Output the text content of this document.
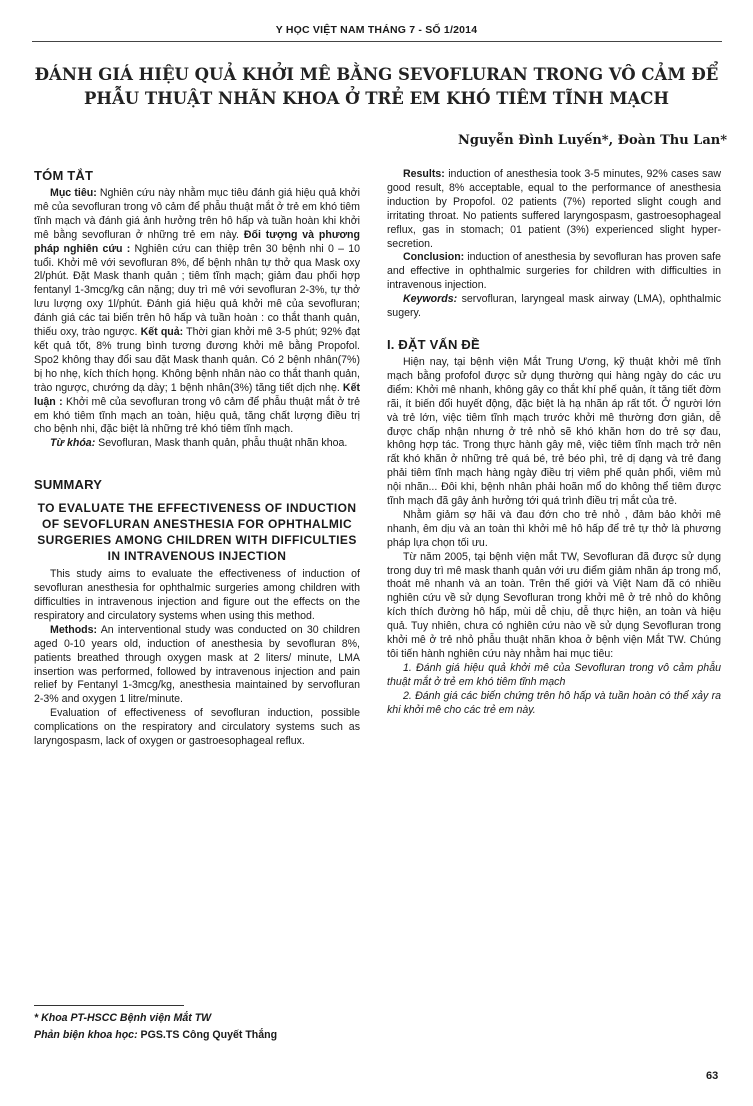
Y HỌC VIỆT NAM THÁNG 7 - SỐ 1/2014
ĐÁNH GIÁ HIỆU QUẢ KHỞI MÊ BẰNG SEVOFLURAN TRONG VÔ CẢM ĐỂ
PHẪU THUẬT NHÃN KHOA Ở TRẺ EM KHÓ TIÊM TĨNH MẠCH
Nguyễn Đình Luyến*, Đoàn Thu Lan*
TÓM TẮT

Mục tiêu: Nghiên cứu này nhằm mục tiêu đánh giá hiệu quả khởi mê của sevofluran trong vô cảm để phẫu thuật mắt ở trẻ em khó tiêm tĩnh mạch và đánh giá ảnh hưởng trên hô hấp và tuần hoàn khi khởi mê bằng sevofluran ở những trẻ em này. Đối tượng và phương pháp nghiên cứu : Nghiên cứu can thiệp trên 30 bệnh nhi 0 – 10 tuổi. Khởi mê với sevofluran 8%, để bệnh nhân tự thở qua Mask oxy 2l/phút. Đặt Mask thanh quản ; tiêm tĩnh mạch; giảm đau phối hợp fentanyl 1-3mcg/kg cân nặng; duy trì mê với sevofluran 2-3%, tự thở lưu lượng oxy 1l/phút. Đánh giá hiệu quả khởi mê của sevofluran; đánh giá các tai biến trên hô hấp và tuần hoàn : co thắt thanh quản, thiếu oxy, trào ngược. Kết quả: Thời gian khởi mê 3-5 phút; 92% đạt kết quả tốt, 8% trung bình tương đương khởi mê bằng Propofol. Spo2 không thay đổi sau đặt Mask thanh quản. Có 2 bệnh nhân(7%) bị ho nhẹ, kích thích họng. Không bệnh nhân nào co thắt thanh quản, trào ngược, chướng dạ dày; 1 bệnh nhân(3%) tăng tiết dịch nhẹ. Kết luận : Khởi mê của sevofluran trong vô cảm để phẫu thuật mắt ở trẻ em khó tiêm tĩnh mạch an toàn, hiệu quả, tăng chất lượng điều trị cho bệnh nhi, đặc biệt là những trẻ khó tiêm tĩnh mạch.

Từ khóa: Sevofluran, Mask thanh quản, phẫu thuật nhãn khoa.

SUMMARY
TO EVALUATE THE EFFECTIVENESS OF INDUCTION OF SEVOFLURAN ANESTHESIA FOR OPHTHALMIC SURGERIES AMONG CHILDREN WITH DIFFICULTIES IN INTRAVENOUS INJECTION

This study aims to evaluate the effectiveness of induction of sevofluran anesthesia for ophthalmic surgeries among children with difficulties in intravenous injection and figure out the effects on the respiratory and circulatory systems when using this method.

Methods: An interventional study was conducted on 30 children aged 0-10 years old, induction of anesthesia by sevofluran 8%, patients breathed through oxygen mask at 2 liters/ minute, LMA insertion was performed, followed by intravenous injection and pain relief by Fentanyl 1-3mcg/kg, anesthesia maintained by servofluran 2-3% and oxygen 1 litre/minute.

Evaluation of effectiveness of sevofluran induction, possible complications on the respiratory and circulatory systems such as laryngospasm, lack of oxygen or gastroesophageal reflux.

Results: induction of anesthesia took 3-5 minutes, 92% cases saw good result, 8% acceptable, equal to the performance of anesthesia induction by Propofol. 02 patients (7%) reported slight cough and irritating throat. No patients suffered laryngospasm, gastroesophageal reflux, gas in stomach; 01 patient (3%) experienced slight hyper-secretion.

Conclusion: induction of anesthesia by sevofluran has proven safe and effective in ophthalmic surgeries for children with difficulties in intravenous injection.

Keywords: servofluran, laryngeal mask airway (LMA), ophthalmic sugery.

I. ĐẶT VẤN ĐỀ

Hiện nay, tại bệnh viện Mắt Trung Ương, kỹ thuật khởi mê tĩnh mạch bằng profofol được sử dụng thường qui hàng ngày do các ưu điểm: Khởi mê nhanh, không gây co thắt khí phế quản, ít tăng tiết đờm rãi, ít biến đổi huyết động, đặc biệt là hạ nhãn áp rất tốt. Ở người lớn và trẻ lớn, việc tiêm tĩnh mạch trước khởi mê thường đơn giản, dễ được chấp nhận nhưng ở trẻ nhỏ sẽ khó khăn hơn do trẻ sợ đau, không hợp tác. Trong thực hành gây mê, việc tiêm tĩnh mạch trở nên rất khó khăn ở những trẻ quá bé, trẻ béo phì, trẻ dị dạng và trẻ đang phải tiêm tĩnh mạch hàng ngày điều trị viêm phế quản phổi, viêm mủ nội nhãn... Đôi khi, bệnh nhân phải hoãn mổ do không thể tiêm được tĩnh mạch đã gây ảnh hưởng tới quá trình điều trị mắt của trẻ.

Nhằm giảm sợ hãi và đau đớn cho trẻ nhỏ , đảm bảo khởi mê nhanh, êm dịu và an toàn thì khởi mê hô hấp để trẻ tự thở là phương pháp lựa chọn tối ưu.

Từ năm 2005, tại bệnh viện mắt TW, Sevofluran đã được sử dụng trong duy trì mê mask thanh quản với ưu điểm giảm nhãn áp trong mổ, thoát mê nhanh và an toàn. Trên thế giới và Việt Nam đã có nhiều nghiên cứu về sử dụng Sevofluran trong khởi mê ở trẻ nhỏ do không kích thích đường hô hấp, mùi dễ chịu, dễ thực hiện, an toàn và hiệu quả. Tuy nhiên, chưa có nghiên cứu nào về sử dụng Sevofluran trong khởi mê ở trẻ nhỏ phẫu thuật nhãn khoa ở bệnh viện Mắt TW. Chúng tôi tiến hành nghiên cứu này nhằm hai mục tiêu:

1. Đánh giá hiệu quả khởi mê của Sevofluran trong vô cảm phẫu thuật mắt ở trẻ em khó tiêm tĩnh mạch

2. Đánh giá các biến chứng trên hô hấp và tuần hoàn có thể xảy ra khi khởi mê cho các trẻ em này.

* Khoa PT-HSCC Bệnh viện Mắt TW
Phản biện khoa học: PGS.TS Công Quyết Thắng
63
